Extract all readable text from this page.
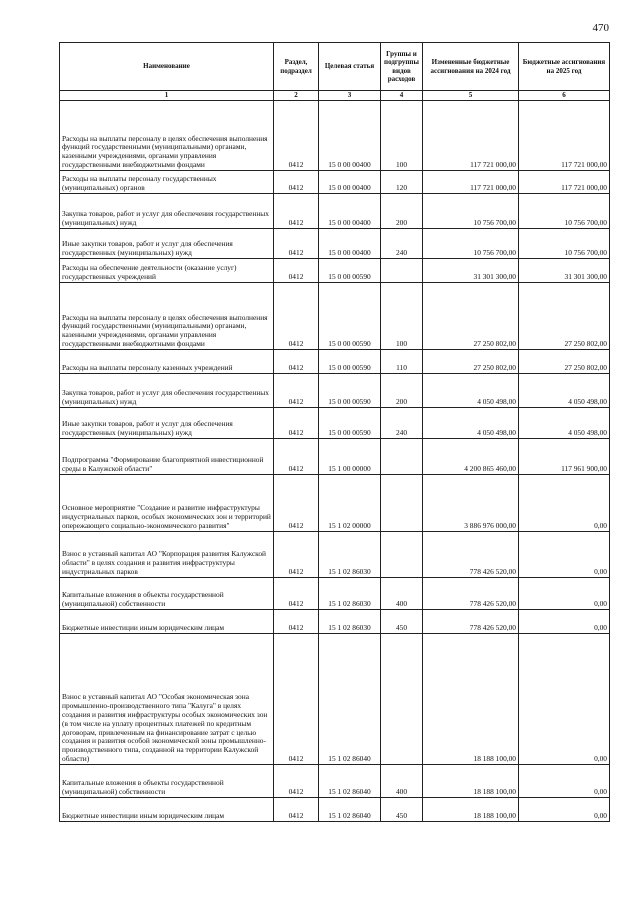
470
Наименование	Раздел, подраздел	Целевая статья	Группы и подгруппы видов расходов	Измененные бюджетные ассигнования на 2024 год	Бюджетные ассигнования на 2025 год
1	2	3	4	5	6
Расходы на выплаты персоналу в целях обеспечения выполнения функций государственными (муниципальными) органами, казенными учреждениями, органами управления государственными внебюджетными фондами	0412	15 0 00 00400	100	117 721 000,00	117 721 000,00
Расходы на выплаты персоналу государственных (муниципальных) органов	0412	15 0 00 00400	120	117 721 000,00	117 721 000,00
Закупка товаров, работ и услуг для обеспечения государственных (муниципальных) нужд	0412	15 0 00 00400	200	10 756 700,00	10 756 700,00
Иные закупки товаров, работ и услуг для обеспечения государственных (муниципальных) нужд	0412	15 0 00 00400	240	10 756 700,00	10 756 700,00
Расходы на обеспечение деятельности (оказание услуг) государственных учреждений	0412	15 0 00 00590		31 301 300,00	31 301 300,00
Расходы на выплаты персоналу в целях обеспечения выполнения функций государственными (муниципальными) органами, казенными учреждениями, органами управления государственными внебюджетными фондами	0412	15 0 00 00590	100	27 250 802,00	27 250 802,00
Расходы на выплаты персоналу казенных учреждений	0412	15 0 00 00590	110	27 250 802,00	27 250 802,00
Закупка товаров, работ и услуг для обеспечения государственных (муниципальных) нужд	0412	15 0 00 00590	200	4 050 498,00	4 050 498,00
Иные закупки товаров, работ и услуг для обеспечения государственных (муниципальных) нужд	0412	15 0 00 00590	240	4 050 498,00	4 050 498,00
Подпрограмма "Формирование благоприятной инвестиционной среды в Калужской области"	0412	15 1 00 00000		4 200 865 460,00	117 961 900,00
Основное мероприятие "Создание и развитие инфраструктуры индустриальных парков, особых экономических зон и территорий опережающего социально-экономического развития"	0412	15 1 02 00000		3 886 976 000,00	0,00
Взнос в уставный капитал АО "Корпорация развития Калужской области" в целях создания и развития инфраструктуры индустриальных парков	0412	15 1 02 86030		778 426 520,00	0,00
Капитальные вложения в объекты государственной (муниципальной) собственности	0412	15 1 02 86030	400	778 426 520,00	0,00
Бюджетные инвестиции иным юридическим лицам	0412	15 1 02 86030	450	778 426 520,00	0,00
Взнос в уставный капитал АО "Особая экономическая зона промышленно-производственного типа "Калуга" в целях создания и развития инфраструктуры особых экономических зон (в том числе на уплату процентных платежей по кредитным договорам, привлеченным на финансирование затрат с целью создания и развития особой экономической зоны промышленно-производственного типа, созданной на территории Калужской области)	0412	15 1 02 86040		18 188 100,00	0,00
Капитальные вложения в объекты государственной (муниципальной) собственности	0412	15 1 02 86040	400	18 188 100,00	0,00
Бюджетные инвестиции иным юридическим лицам	0412	15 1 02 86040	450	18 188 100,00	0,00
